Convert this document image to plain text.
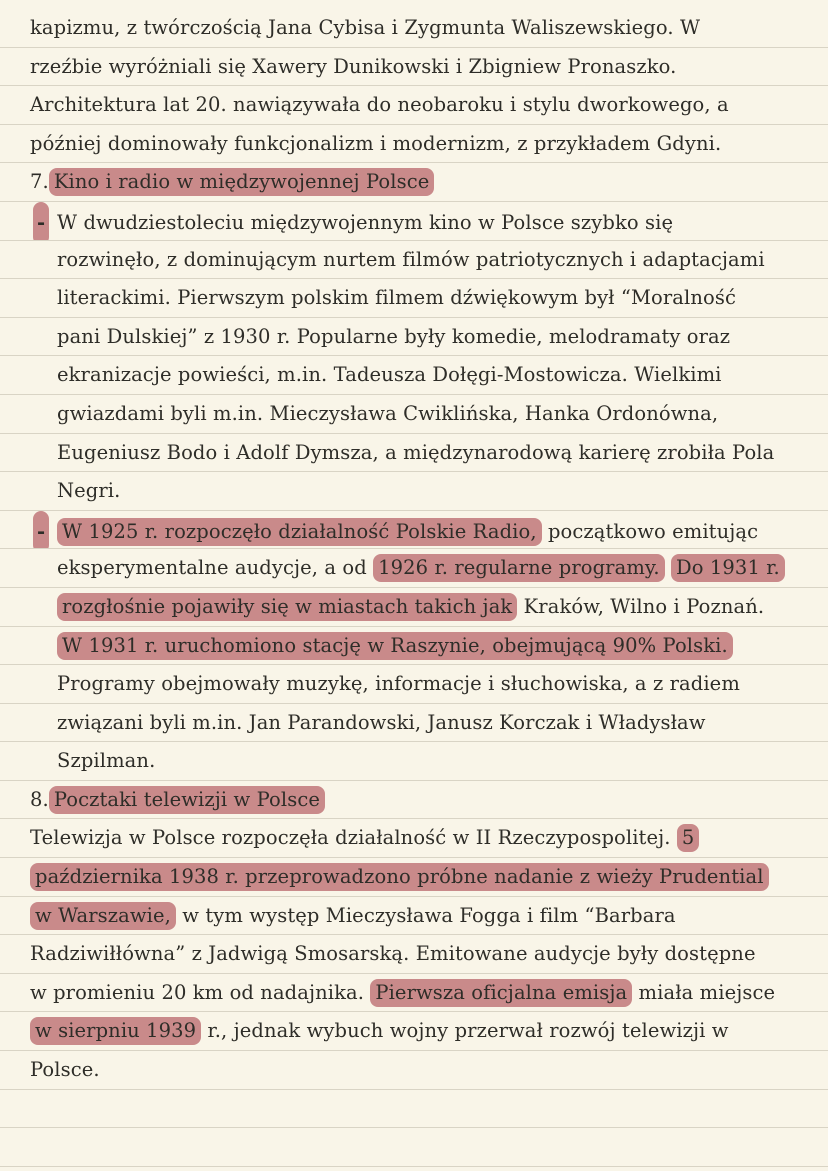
kapizmu, z twórczością Jana Cybisa i Zygmunta Waliszewskiego. W
rzeźbie wyróżniali się Xawery Dunikowski i Zbigniew Pronaszko.
Architektura lat 20. nawiązywała do neobaroku i stylu dworkowego, a
później dominowały funkcjonalizm i modernizm, z przykładem Gdyni.
7. Kino i radio w międzywojennej Polsce
- W dwudziestoleciu międzywojennym kino w Polsce szybko się
rozwinęło, z dominującym nurtem filmów patriotycznych i adaptacjami
literackimi. Pierwszym polskim filmem dźwiękowym był “Moralność
pani Dulskiej” z 1930 r. Popularne były komedie, melodramaty oraz
ekranizacje powieści, m.in. Tadeusza Dołęgi-Mostowicza. Wielkimi
gwiazdami byli m.in. Mieczysława Cwiklińska, Hanka Ordonówna,
Eugeniusz Bodo i Adolf Dymsza, a międzynarodową karierę zrobiła Pola
Negri.
- W 1925 r. rozpoczęło działalność Polskie Radio, początkowo emitując
eksperymentalne audycje, a od 1926 r. regularne programy. Do 1931 r.
rozgłośnie pojawiły się w miastach takich jak Kraków, Wilno i Poznań.
W 1931 r. uruchomiono stację w Raszynie, obejmującą 90% Polski.
Programy obejmowały muzykę, informacje i słuchowiska, a z radiem
związani byli m.in. Jan Parandowski, Janusz Korczak i Władysław
Szpilman.
8. Pocztaki telewizji w Polsce
Telewizja w Polsce rozpoczęła działalność w II Rzeczypospolitej. 5
października 1938 r. przeprowadzono próbne nadanie z wieży Prudential
w Warszawie, w tym występ Mieczysława Fogga i film “Barbara
Radziwiłłówna” z Jadwigą Smosarską. Emitowane audycje były dostępne
w promieniu 20 km od nadajnika. Pierwsza oficjalna emisja miała miejsce
w sierpniu 1939 r., jednak wybuch wojny przerwał rozwój telewizji w
Polsce.
